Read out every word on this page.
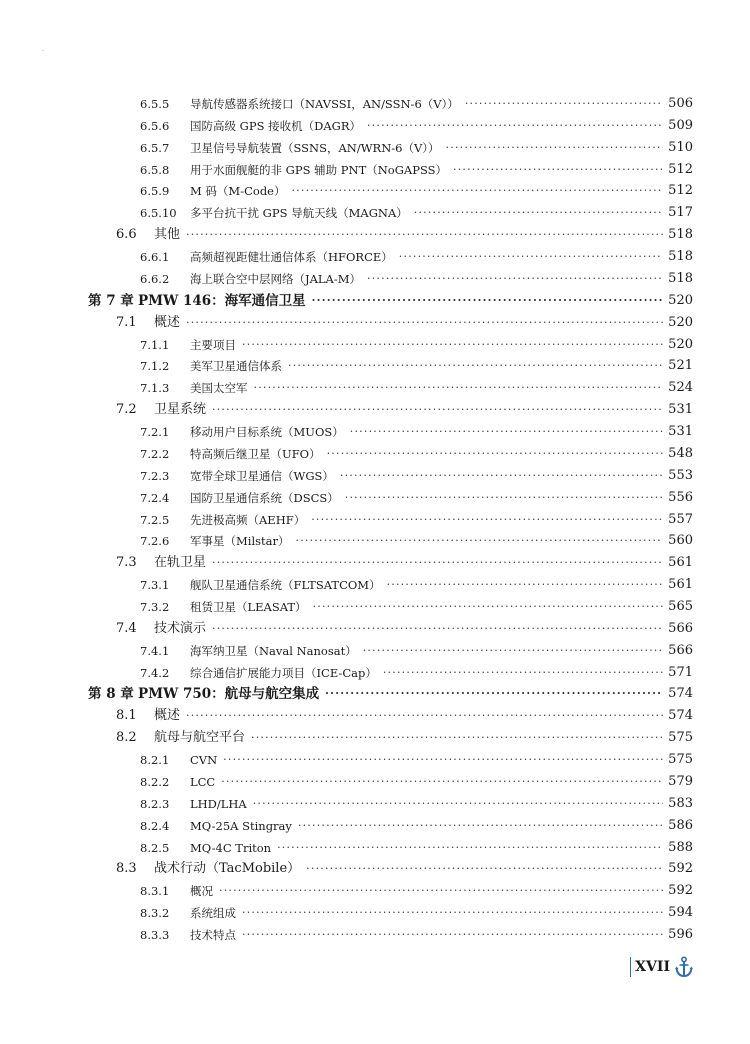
·
6.5.5	导航传感器系统接口（NAVSSI，AN/SSN-6（V）） ·····	506
6.5.6	国防高级 GPS 接收机（DAGR） ·····	509
6.5.7	卫星信号导航装置（SSNS，AN/WRN-6（V）） ·····	510
6.5.8	用于水面舰艇的非 GPS 辅助 PNT（NoGAPSS） ·····	512
6.5.9	M 码（M-Code） ·····	512
6.5.10	多平台抗干扰 GPS 导航天线（MAGNA） ·····	517
6.6	其他 ·····	518
6.6.1	高频超视距健壮通信体系（HFORCE） ·····	518
6.6.2	海上联合空中层网络（JALA-M） ·····	518
第 7 章 PMW 146：海军通信卫星 ·····	520
7.1	概述 ·····	520
7.1.1	主要项目 ·····	520
7.1.2	美军卫星通信体系 ·····	521
7.1.3	美国太空军 ·····	524
7.2	卫星系统 ·····	531
7.2.1	移动用户目标系统（MUOS） ·····	531
7.2.2	特高频后继卫星（UFO） ·····	548
7.2.3	宽带全球卫星通信（WGS） ·····	553
7.2.4	国防卫星通信系统（DSCS） ·····	556
7.2.5	先进极高频（AEHF） ·····	557
7.2.6	军事星（Milstar） ·····	560
7.3	在轨卫星 ·····	561
7.3.1	舰队卫星通信系统（FLTSATCOM） ·····	561
7.3.2	租赁卫星（LEASAT） ·····	565
7.4	技术演示 ·····	566
7.4.1	海军纳卫星（Naval Nanosat） ·····	566
7.4.2	综合通信扩展能力项目（ICE-Cap） ·····	571
第 8 章 PMW 750：航母与航空集成 ·····	574
8.1	概述 ·····	574
8.2	航母与航空平台 ·····	575
8.2.1	CVN ·····	575
8.2.2	LCC ·····	579
8.2.3	LHD/LHA ·····	583
8.2.4	MQ-25A Stingray ·····	586
8.2.5	MQ-4C Triton ·····	588
8.3	战术行动（TacMobile） ·····	592
8.3.1	概况 ·····	592
8.3.2	系统组成 ·····	594
8.3.3	技术特点 ·····	596
XVII
